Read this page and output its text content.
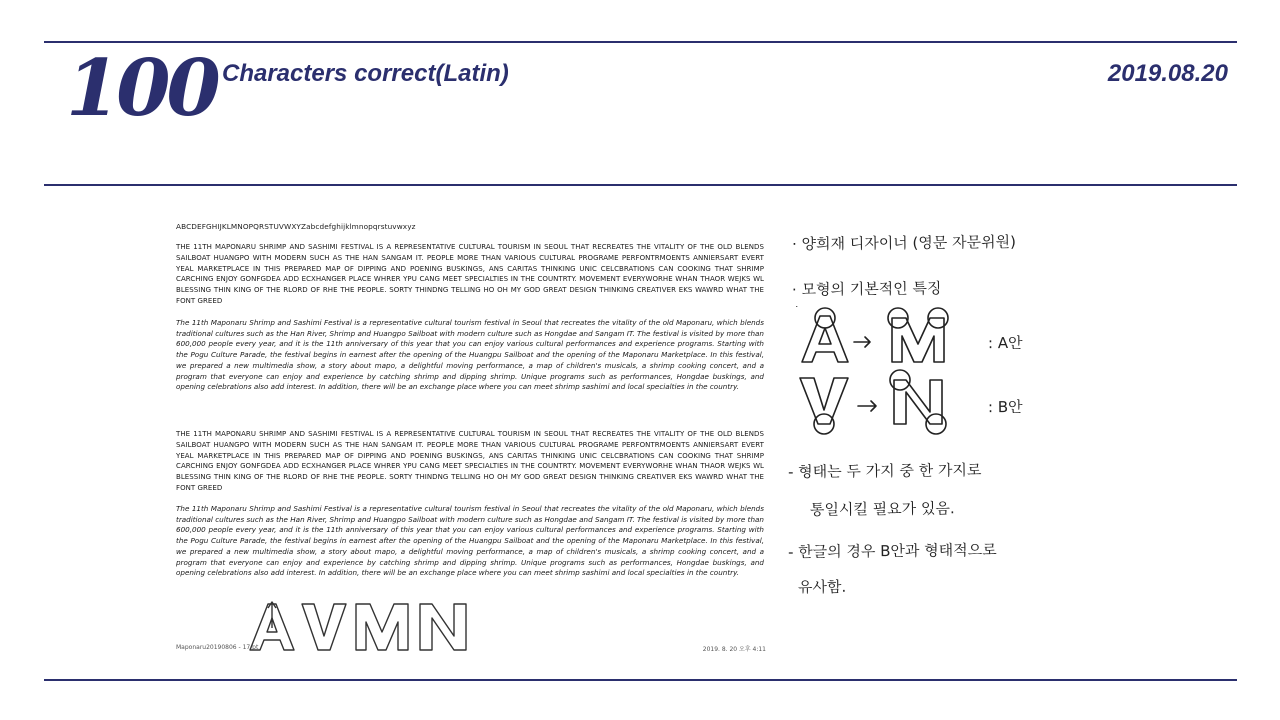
100 Characters correct(Latin)	2019.08.20
ABCDEFGHIJKLMNOPQRSTUVWXYZabcdefghijklmnopqrstuvwxyz

THE 11TH MAPONARU SHRIMP AND SASHIMI FESTIVAL IS A REPRESENTATIVE CULTURAL TOURISM IN SEOUL THAT RECREATES THE VITALITY OF THE OLD BLENDS SAILBOAT HUANGPO WITH MODERN SUCH AS THE HAN SANGAM IT. PEOPLE MORE THAN VARIOUS CULTURAL PROGRAME PERFONTRMOENTS ANNIERSART EVERT YEAL MARKETPLACE IN THIS PREPARED MAP OF DIPPING AND POENING BUSKINGS, ANS CARITAS THINKING UNIC CELCBRATIONS CAN COOKING THAT SHRIMP CARCHING ENJOY GONFGDEA ADD ECXHANGER PLACE WHRER YPU CANG MEET SPECIALTIES IN THE COUNTRTY. MOVEMENT EVERYWORHE WHAN THAOR WEJKS WL BLESSING THIN KING OF THE RLORD OF RHE THE PEOPLE. SORTY THINDNG TELLING HO OH MY GOD GREAT DESIGN THINKING CREATIVER EKS WAWRD WHAT THE FONT GREED

The 11th Maponaru Shrimp and Sashimi Festival is a representative cultural tourism festival in Seoul that recreates the vitality of the old Maponaru, which blends traditional cultures such as the Han River, Shrimp and Huangpo Sailboat with modern culture such as Hongdae and Sangam IT. The festival is visited by more than 600,000 people every year, and it is the 11th anniversary of this year that you can enjoy various cultural performances and experience programs. Starting with the Pogu Culture Parade, the festival begins in earnest after the opening of the Huangpu Sailboat and the opening of the Maponaru Marketplace. In this festival, we prepared a new multimedia show, a story about mapo, a delightful moving performance, a map of children's musicals, a shrimp cooking concert, and a program that everyone can enjoy and experience by catching shrimp and dipping shrimp. Unique programs such as performances, Hongdae buskings, and opening celebrations also add interest. In addition, there will be an exchange place where you can meet shrimp sashimi and local specialties in the country.

THE 11TH MAPONARU SHRIMP AND SASHIMI FESTIVAL IS A REPRESENTATIVE CULTURAL TOURISM IN SEOUL THAT RECREATES THE VITALITY OF THE OLD BLENDS SAILBOAT HUANGPO WITH MODERN SUCH AS THE HAN SANGAM IT. PEOPLE MORE THAN VARIOUS CULTURAL PROGRAME PERFONTRMOENTS ANNIERSART EVERT YEAL MARKETPLACE IN THIS PREPARED MAP OF DIPPING AND POENING BUSKINGS, ANS CARITAS THINKING UNIC CELCBRATIONS CAN COOKING THAT SHRIMP CARCHING ENJOY GONFGDEA ADD ECXHANGER PLACE WHRER YPU CANG MEET SPECIALTIES IN THE COUNTRTY. MOVEMENT EVERYWORHE WHAN THAOR WEJKS WL BLESSING THIN KING OF THE RLORD OF RHE THE PEOPLE. SORTY THINDNG TELLING HO OH MY GOD GREAT DESIGN THINKING CREATIVER EKS WAWRD WHAT THE FONT GREED

The 11th Maponaru Shrimp and Sashimi Festival is a representative cultural tourism festival in Seoul that recreates the vitality of the old Maponaru, which blends traditional cultures such as the Han River, Shrimp and Huangpo Sailboat with modern culture such as Hongdae and Sangam IT. The festival is visited by more than 600,000 people every year, and it is the 11th anniversary of this year that you can enjoy various cultural performances and experience programs. Starting with the Pogu Culture Parade, the festival begins in earnest after the opening of the Huangpu Sailboat and the opening of the Maponaru Marketplace. In this festival, we prepared a new multimedia show, a story about mapo, a delightful moving performance, a map of children's musicals, a shrimp cooking concert, and a program that everyone can enjoy and experience by catching shrimp and dipping shrimp. Unique programs such as performances, Hongdae buskings, and opening celebrations also add interest. In addition, there will be an exchange place where you can meet shrimp sashimi and local specialties in the country.

Maponaru20190806 - 17 pt	2019. 8. 20 오후 4:11
· 양희재 디자이너 (영문 자문위원)
· 모형의 기본적인 특징
A
: A안
: B안
- 형태는 두 가지 중 한 가지로
통일시킬 필요가 있음.
- 한글의 경우 B안과 형태적으로
유사함.
